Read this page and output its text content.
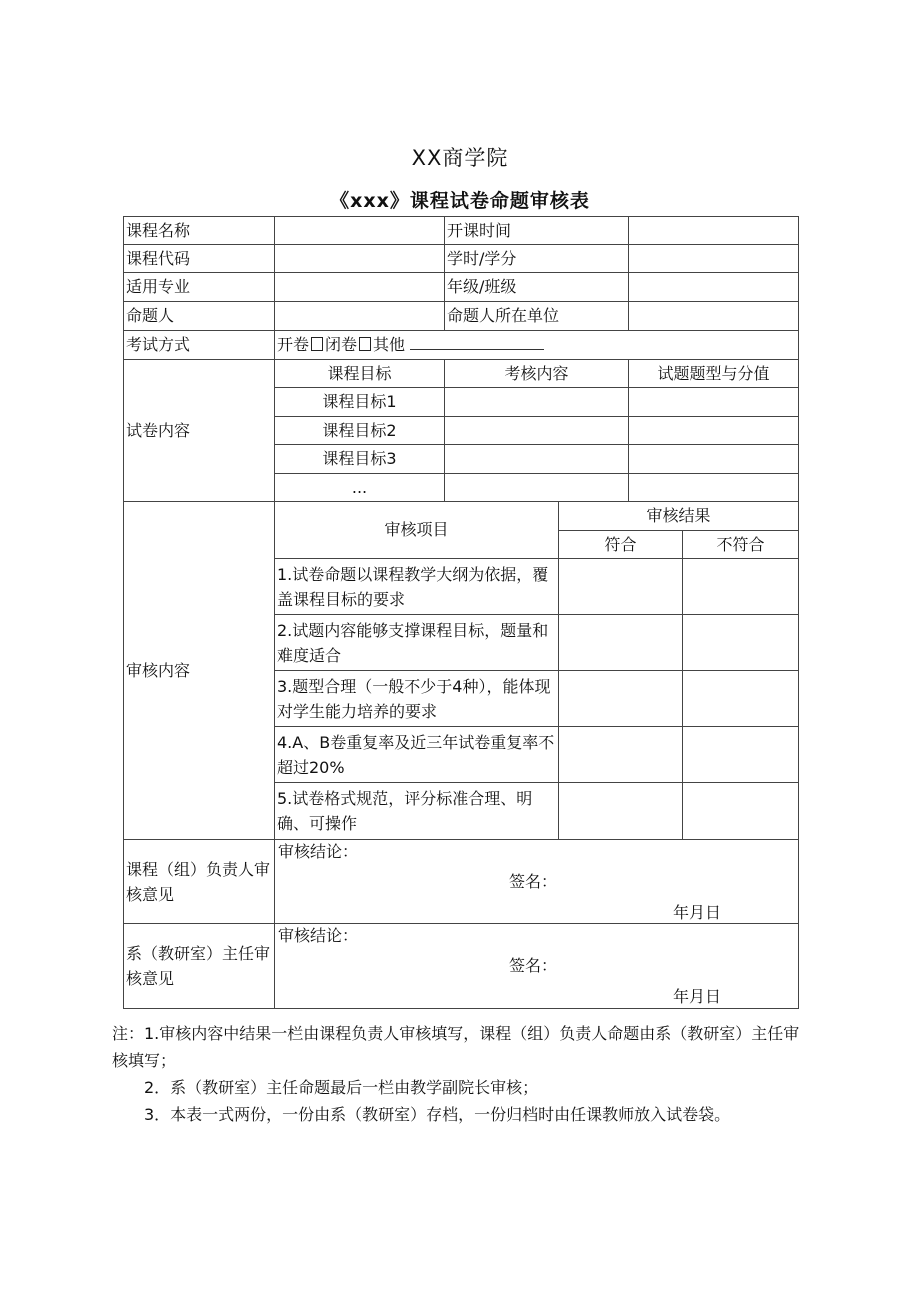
XX商学院
《xxx》课程试卷命题审核表
课程名称		开课时间			
课程代码		学时/学分			
适用专业		年级/班级			
命题人		命题人所在单位			
考试方式	开卷 闭卷 其他				
试卷内容	课程目标	考核内容		试题题型与分值	
	课程目标1				
	课程目标2				
	课程目标3				
	...				
审核内容	审核项目		审核结果		
			符合		不符合
	1.试卷命题以课程教学大纲为依据，覆盖课程目标的要求				
	2.试题内容能够支撑课程目标，题量和难度适合				
	3.题型合理（一般不少于4种），能体现对学生能力培养的要求				
	4.A、B卷重复率及近三年试卷重复率不超过20%				
	5.试卷格式规范，评分标准合理、明确、可操作				
课程（组）负责人审核意见	审核结论：
签名：
年月日				

系（教研室）主任审核意见	审核结论：
签名：
年月日				

注：1.审核内容中结果一栏由课程负责人审核填写，课程（组）负责人命题由系（教研室）主任审核填写；

2．系（教研室）主任命题最后一栏由教学副院长审核；

3．本表一式两份，一份由系（教研室）存档，一份归档时由任课教师放入试卷袋。
